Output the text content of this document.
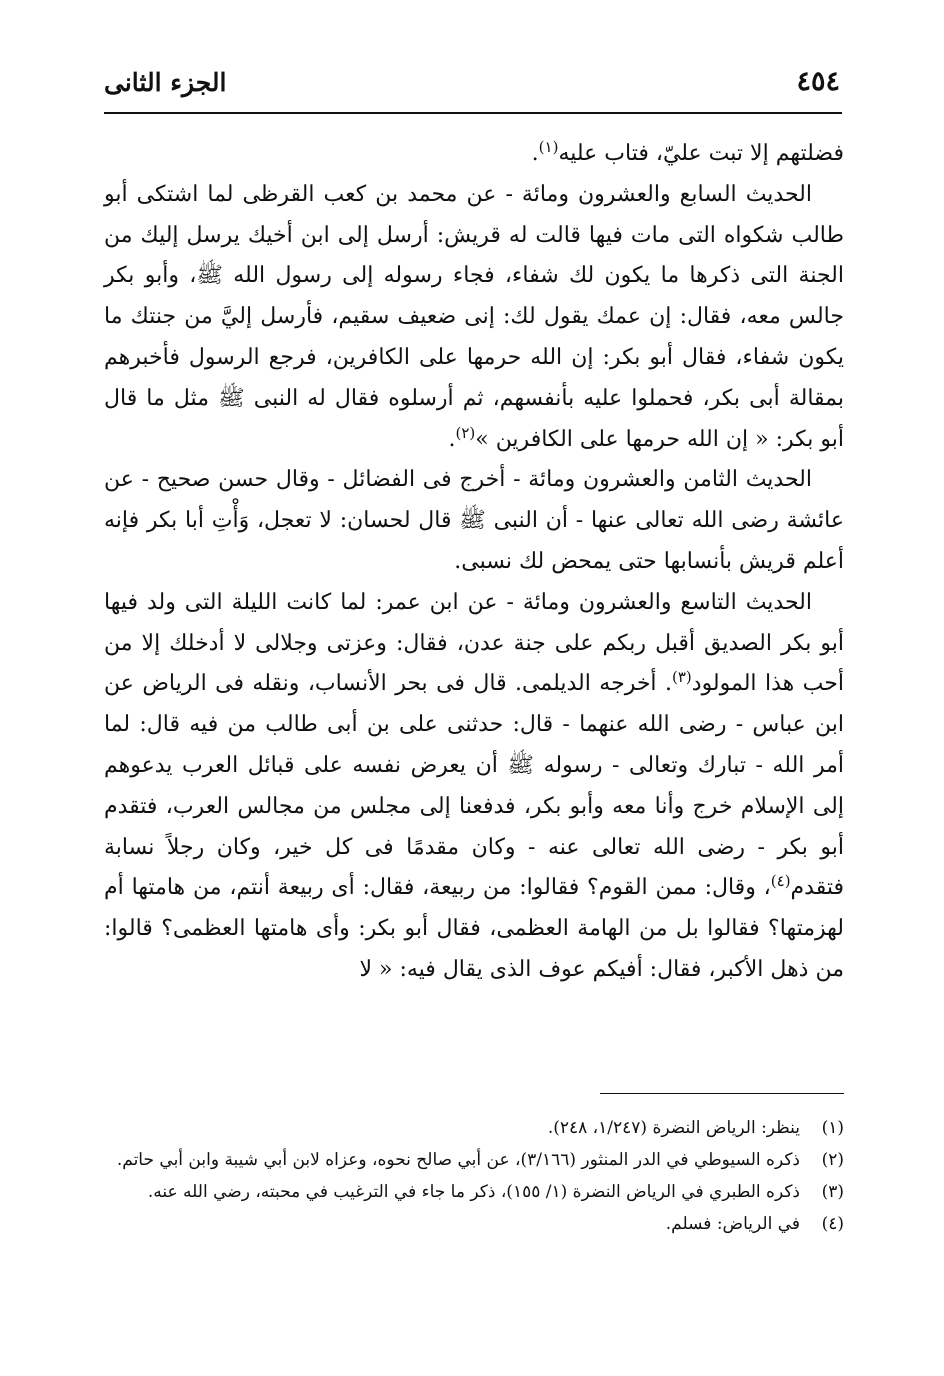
٤٥٤
الجزء الثانى

فضلتهم إلا تبت عليّ، فتاب عليه$^{(١)}$.

الحديث السابع والعشرون ومائة - عن محمد بن كعب القرظى لما اشتكى أبو طالب شكواه التى مات فيها قالت له قريش: أرسل إلى ابن أخيك يرسل إليك من الجنة التى ذكرها ما يكون لك شفاء، فجاء رسوله إلى رسول الله ﷺ، وأبو بكر جالس معه، فقال: إن عمك يقول لك: إنى ضعيف سقيم، فأرسل إليَّ من جنتك ما يكون شفاء، فقال أبو بكر: إن الله حرمها على الكافرين، فرجع الرسول فأخبرهم بمقالة أبى بكر، فحملوا عليه بأنفسهم، ثم أرسلوه فقال له النبى ﷺ مثل ما قال أبو بكر: « إن الله حرمها على الكافرين »$^{(٢)}$.

الحديث الثامن والعشرون ومائة - أخرج فى الفضائل - وقال حسن صحيح - عن عائشة رضى الله تعالى عنها - أن النبى ﷺ قال لحسان: لا تعجل، وَأْتِ أبا بكر فإنه أعلم قريش بأنسابها حتى يمحض لك نسبى.

الحديث التاسع والعشرون ومائة - عن ابن عمر: لما كانت الليلة التى ولد فيها أبو بكر الصديق أقبل ربكم على جنة عدن، فقال: وعزتى وجلالى لا أدخلك إلا من أحب هذا المولود$^{(٣)}$. أخرجه الديلمى. قال فى بحر الأنساب، ونقله فى الرياض عن ابن عباس - رضى الله عنهما - قال: حدثنى على بن أبى طالب من فيه قال: لما أمر الله - تبارك وتعالى - رسوله ﷺ أن يعرض نفسه على قبائل العرب يدعوهم إلى الإسلام خرج وأنا معه وأبو بكر، فدفعنا إلى مجلس من مجالس العرب، فتقدم أبو بكر - رضى الله تعالى عنه - وكان مقدمًا فى كل خير، وكان رجلاً نسابة فتقدم$^{(٤)}$، وقال: ممن القوم؟ فقالوا: من ربيعة، فقال: أى ربيعة أنتم، من هامتها أم لهزمتها؟ فقالوا بل من الهامة العظمى، فقال أبو بكر: وأى هامتها العظمى؟ قالوا: من ذهل الأكبر، فقال: أفيكم عوف الذى يقال فيه: « لا

(١)
ينظر: الرياض النضرة (١/٢٤٧، ٢٤٨).

(٢)
ذكره السيوطي في الدر المنثور (٣/١٦٦)، عن أبي صالح نحوه، وعزاه لابن أبي شيبة وابن أبي حاتم.

(٣)
ذكره الطبري في الرياض النضرة (١/ ١٥٥)، ذكر ما جاء في الترغيب في محبته، رضي الله عنه.

(٤)
في الرياض: فسلم.
